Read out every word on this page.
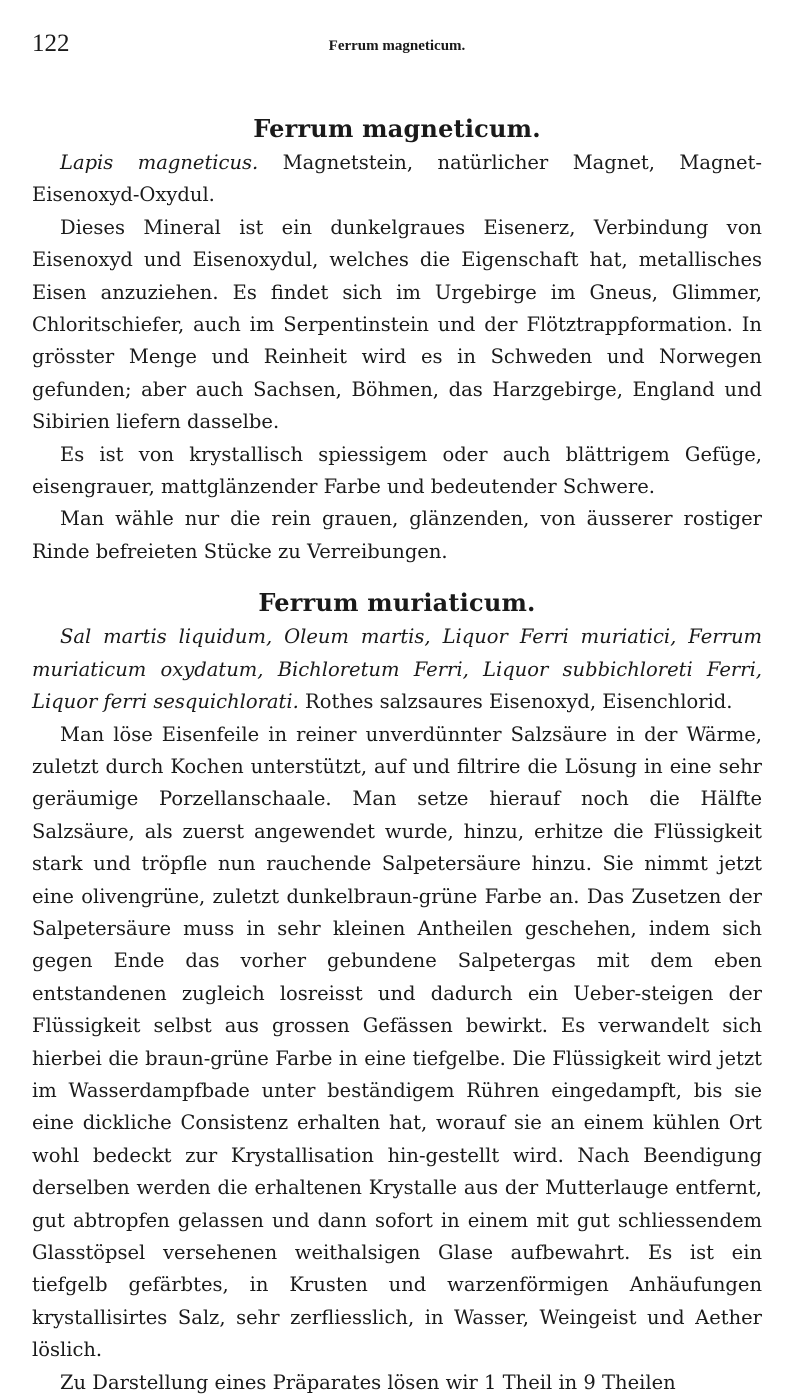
122	Ferrum magneticum.
Ferrum magneticum.

Lapis magneticus. Magnetstein, natürlicher Magnet, Magnet-Eisenoxyd-Oxydul.

Dieses Mineral ist ein dunkelgraues Eisenerz, Verbindung von Eisenoxyd und Eisenoxydul, welches die Eigenschaft hat, metallisches Eisen anzuziehen. Es findet sich im Urgebirge im Gneus, Glimmer, Chloritschiefer, auch im Serpentinstein und der Flötztrappformation. In grösster Menge und Reinheit wird es in Schweden und Norwegen gefunden; aber auch Sachsen, Böhmen, das Harzgebirge, England und Sibirien liefern dasselbe.

Es ist von krystallisch spiessigem oder auch blättrigem Gefüge, eisengrauer, mattglänzender Farbe und bedeutender Schwere.

Man wähle nur die rein grauen, glänzenden, von äusserer rostiger Rinde befreieten Stücke zu Verreibungen.

Ferrum muriaticum.

Sal martis liquidum, Oleum martis, Liquor Ferri muriatici, Ferrum muriaticum oxydatum, Bichloretum Ferri, Liquor subbichloreti Ferri, Liquor ferri sesquichlorati. Rothes salzsaures Eisenoxyd, Eisenchlorid.

Man löse Eisenfeile in reiner unverdünnter Salzsäure in der Wärme, zuletzt durch Kochen unterstützt, auf und filtrire die Lösung in eine sehr geräumige Porzellanschaale. Man setze hierauf noch die Hälfte Salzsäure, als zuerst angewendet wurde, hinzu, erhitze die Flüssigkeit stark und tröpfle nun rauchende Salpetersäure hinzu. Sie nimmt jetzt eine olivengrüne, zuletzt dunkelbraun-grüne Farbe an. Das Zusetzen der Salpetersäure muss in sehr kleinen Antheilen geschehen, indem sich gegen Ende das vorher gebundene Salpetergas mit dem eben entstandenen zugleich losreisst und dadurch ein Ueber-steigen der Flüssigkeit selbst aus grossen Gefässen bewirkt. Es verwandelt sich hierbei die braun-grüne Farbe in eine tiefgelbe. Die Flüssigkeit wird jetzt im Wasserdampfbade unter beständigem Rühren eingedampft, bis sie eine dickliche Consistenz erhalten hat, worauf sie an einem kühlen Ort wohl bedeckt zur Krystallisation hin-gestellt wird. Nach Beendigung derselben werden die erhaltenen Krystalle aus der Mutterlauge entfernt, gut abtropfen gelassen und dann sofort in einem mit gut schliessendem Glasstöpsel versehenen weithalsigen Glase aufbewahrt. Es ist ein tiefgelb gefärbtes, in Krusten und warzenförmigen Anhäufungen krystallisirtes Salz, sehr zerfliesslich, in Wasser, Weingeist und Aether löslich.

Zu Darstellung eines Präparates lösen wir 1 Theil in 9 Theilen
